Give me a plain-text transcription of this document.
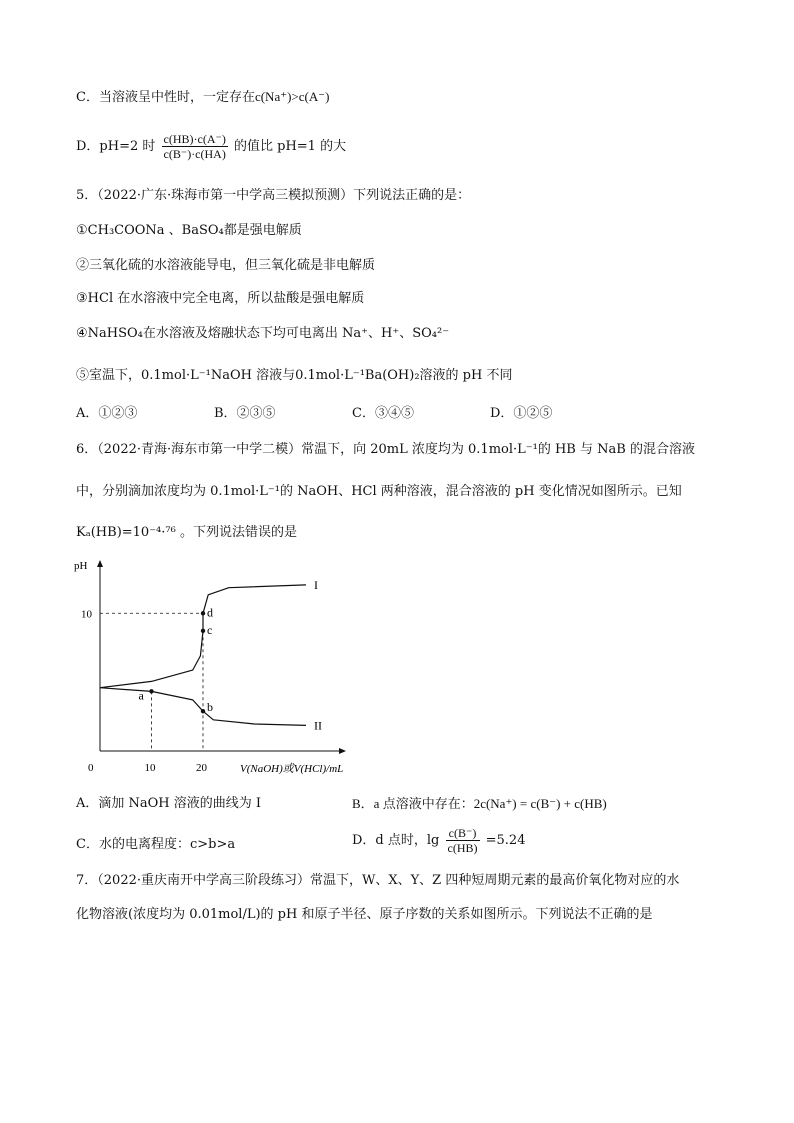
C．当溶液呈中性时，一定存在c(Na⁺)>c(A⁻)
D．pH=2 时 $\frac{c(HB)\cdot c(A^-)}{c(B^-)\cdot c(HA)}$ 的值比 pH=1 的大
5．（2022·广东·珠海市第一中学高三模拟预测）下列说法正确的是：
①CH₃COONa 、BaSO₄都是强电解质
②三氧化硫的水溶液能导电，但三氧化硫是非电解质
③HCl 在水溶液中完全电离，所以盐酸是强电解质
④NaHSO₄在水溶液及熔融状态下均可电离出 Na⁺、H⁺、SO₄²⁻
⑤室温下，0.1mol·L⁻¹NaOH 溶液与0.1mol·L⁻¹Ba(OH)₂溶液的 pH 不同
A．①②③	B．②③⑤	C．③④⑤	D．①②⑤
6．（2022·青海·海东市第一中学二模）常温下，向 20mL 浓度均为 0.1mol·L⁻¹的 HB 与 NaB 的混合溶液
中，分别滴加浓度均为 0.1mol·L⁻¹的 NaOH、HCl 两种溶液，混合溶液的 pH 变化情况如图所示。已知
Kₐ(HB)=10⁻⁴·⁷⁶ 。下列说法错误的是
pH
V(NaOH)或V(HCl)/mL
0	10	20
10
I
II
a
b
c
d
A．滴加 NaOH 溶液的曲线为 I	B．a 点溶液中存在：2c(Na⁺) = c(B⁻) + c(HB)
C．水的电离程度：c>b>a	D．d 点时，$\lg \frac{c(B^-)}{c(HB)} =5.24$
7．（2022·重庆南开中学高三阶段练习）常温下，W、X、Y、Z 四种短周期元素的最高价氧化物对应的水
化物溶液(浓度均为 0.01mol/L)的 pH 和原子半径、原子序数的关系如图所示。下列说法不正确的是
